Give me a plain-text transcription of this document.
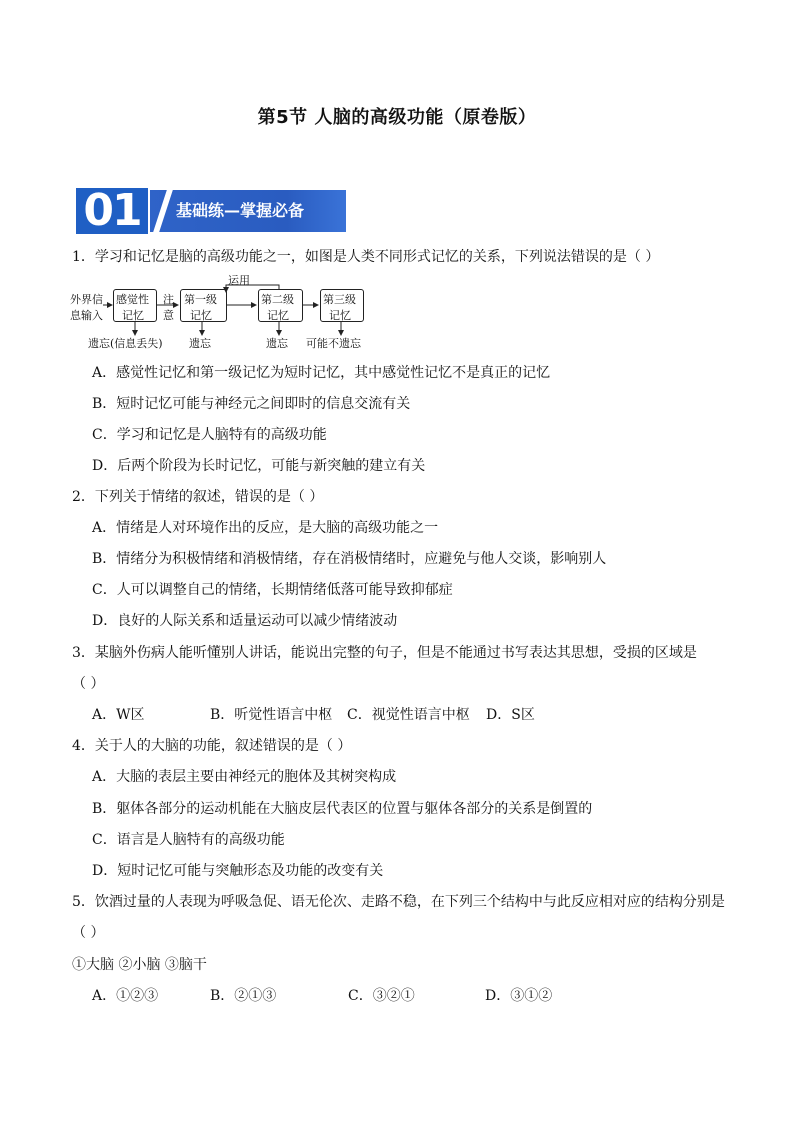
第5节 人脑的高级功能（原卷版）
01	基础练—掌握必备
1．学习和记忆是脑的高级功能之一，如图是人类不同形式记忆的关系，下列说法错误的是（ ）
外界信
息输入
感觉性
记忆
注
意
第一级
记忆
运用
第二级
记忆
第三级
记忆
遗忘(信息丢失) 遗忘	遗忘 可能不遗忘
A．感觉性记忆和第一级记忆为短时记忆，其中感觉性记忆不是真正的记忆
B．短时记忆可能与神经元之间即时的信息交流有关
C．学习和记忆是人脑特有的高级功能
D．后两个阶段为长时记忆，可能与新突触的建立有关
2．下列关于情绪的叙述，错误的是（ ）
A．情绪是人对环境作出的反应，是大脑的高级功能之一
B．情绪分为积极情绪和消极情绪，存在消极情绪时，应避免与他人交谈，影响别人
C．人可以调整自己的情绪，长期情绪低落可能导致抑郁症
D．良好的人际关系和适量运动可以减少情绪波动
3．某脑外伤病人能听懂别人讲话，能说出完整的句子，但是不能通过书写表达其思想，受损的区域是
（ ）
A．W区	B．听觉性语言中枢 C．视觉性语言中枢 D．S区
4．关于人的大脑的功能，叙述错误的是（ ）
A．大脑的表层主要由神经元的胞体及其树突构成
B．躯体各部分的运动机能在大脑皮层代表区的位置与躯体各部分的关系是倒置的
C．语言是人脑特有的高级功能
D．短时记忆可能与突触形态及功能的改变有关
5．饮酒过量的人表现为呼吸急促、语无伦次、走路不稳，在下列三个结构中与此反应相对应的结构分别是
（ ）
①大脑 ②小脑 ③脑干
A．①②③	B．②①③	C．③②①	D．③①②
